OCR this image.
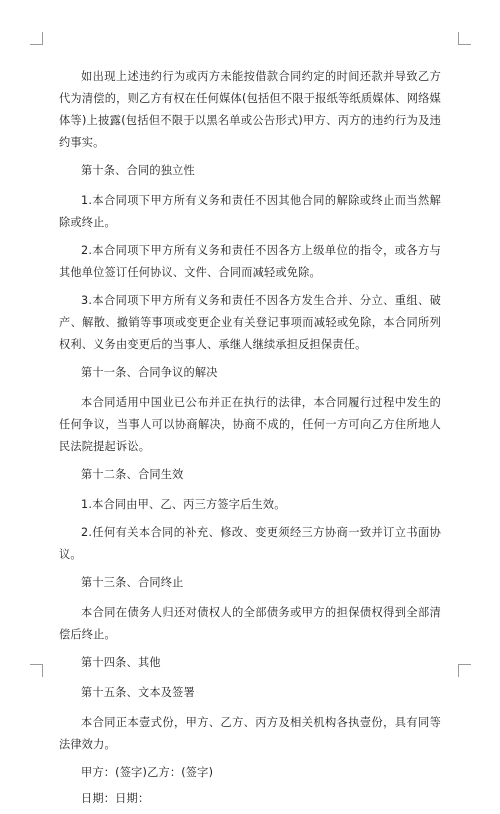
如出现上述违约行为或丙方未能按借款合同约定的时间还款并导致乙方代为清偿的，则乙方有权在任何媒体(包括但不限于报纸等纸质媒体、网络媒体等)上披露(包括但不限于以黑名单或公告形式)甲方、丙方的违约行为及违约事实。

第十条、合同的独立性

1.本合同项下甲方所有义务和责任不因其他合同的解除或终止而当然解除或终止。

2.本合同项下甲方所有义务和责任不因各方上级单位的指令，或各方与其他单位签订任何协议、文件、合同而减轻或免除。

3.本合同项下甲方所有义务和责任不因各方发生合并、分立、重组、破产、解散、撤销等事项或变更企业有关登记事项而减轻或免除，本合同所列权利、义务由变更后的当事人、承继人继续承担反担保责任。

第十一条、合同争议的解决

本合同适用中国业已公布并正在执行的法律，本合同履行过程中发生的任何争议，当事人可以协商解决，协商不成的，任何一方可向乙方住所地人民法院提起诉讼。

第十二条、合同生效

1.本合同由甲、乙、丙三方签字后生效。

2.任何有关本合同的补充、修改、变更须经三方协商一致并订立书面协议。

第十三条、合同终止

本合同在债务人归还对债权人的全部债务或甲方的担保债权得到全部清偿后终止。

第十四条、其他

第十五条、文本及签署

本合同正本壹式份，甲方、乙方、丙方及相关机构各执壹份，具有同等法律效力。

甲方：(签字)乙方：(签字)

日期：日期：
